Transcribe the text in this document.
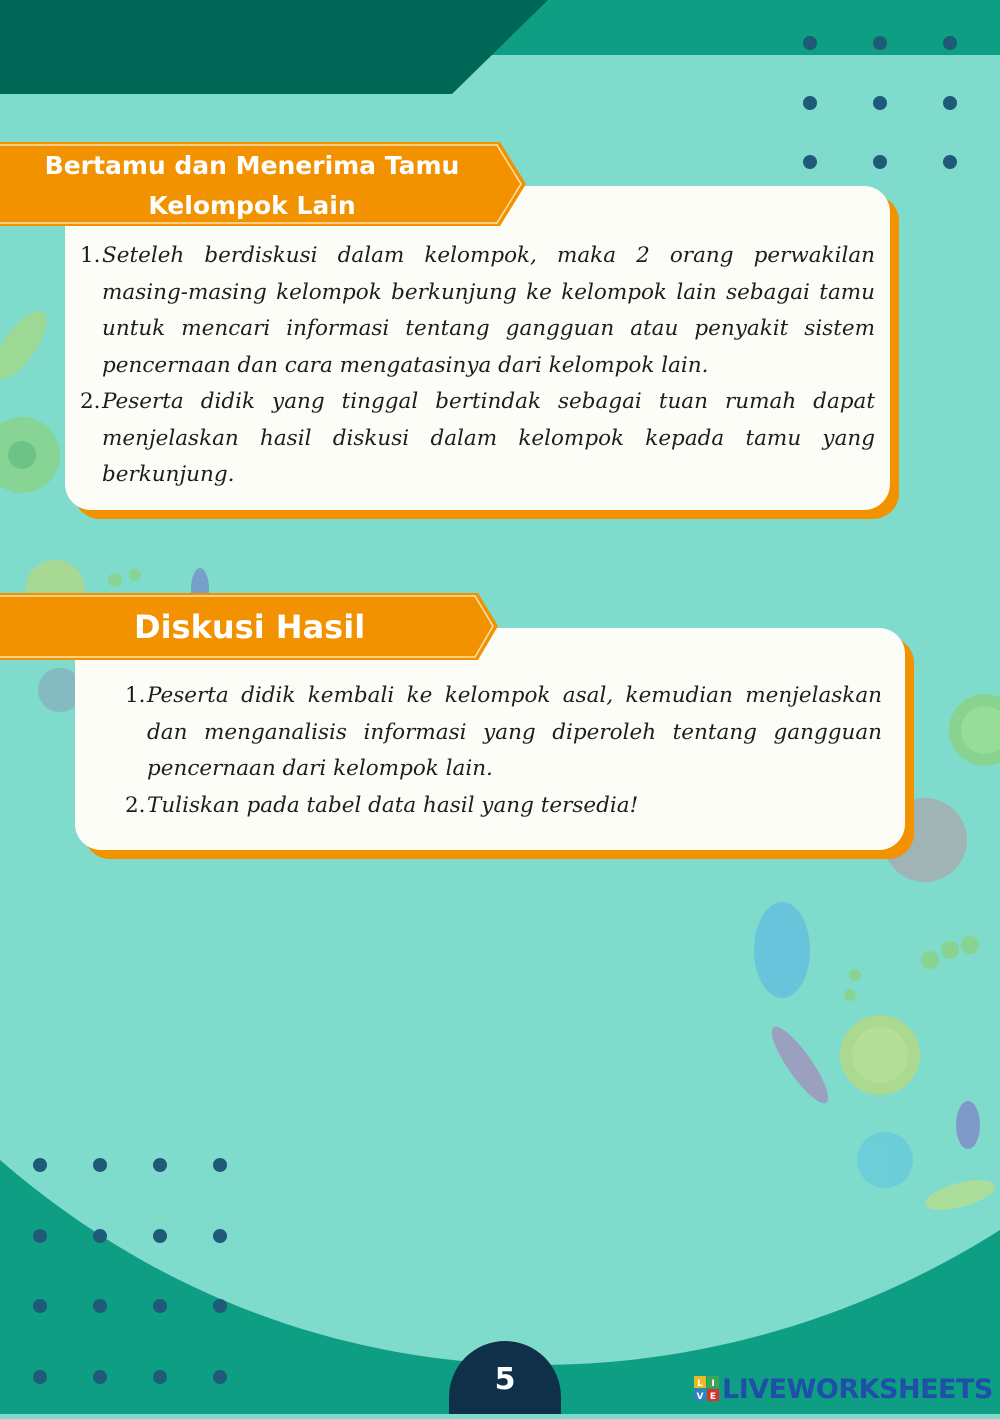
1. Seteleh berdiskusi dalam kelompok, maka 2 orang perwakilan masing-masing kelompok berkunjung ke kelompok lain sebagai tamu untuk mencari informasi tentang gangguan atau penyakit sistem pencernaan dan cara mengatasinya dari kelompok lain.
2. Peserta didik yang tinggal bertindak sebagai tuan rumah dapat menjelaskan hasil diskusi dalam kelompok kepada tamu yang berkunjung.
Bertamu dan Menerima Tamu
Kelompok Lain
1. Peserta didik kembali ke kelompok asal, kemudian menjelaskan dan menganalisis informasi yang diperoleh tentang gangguan pencernaan dari kelompok lain.
2. Tuliskan pada tabel data hasil yang tersedia!
Diskusi Hasil
5	L I
V E LIVEWORKSHEETS
